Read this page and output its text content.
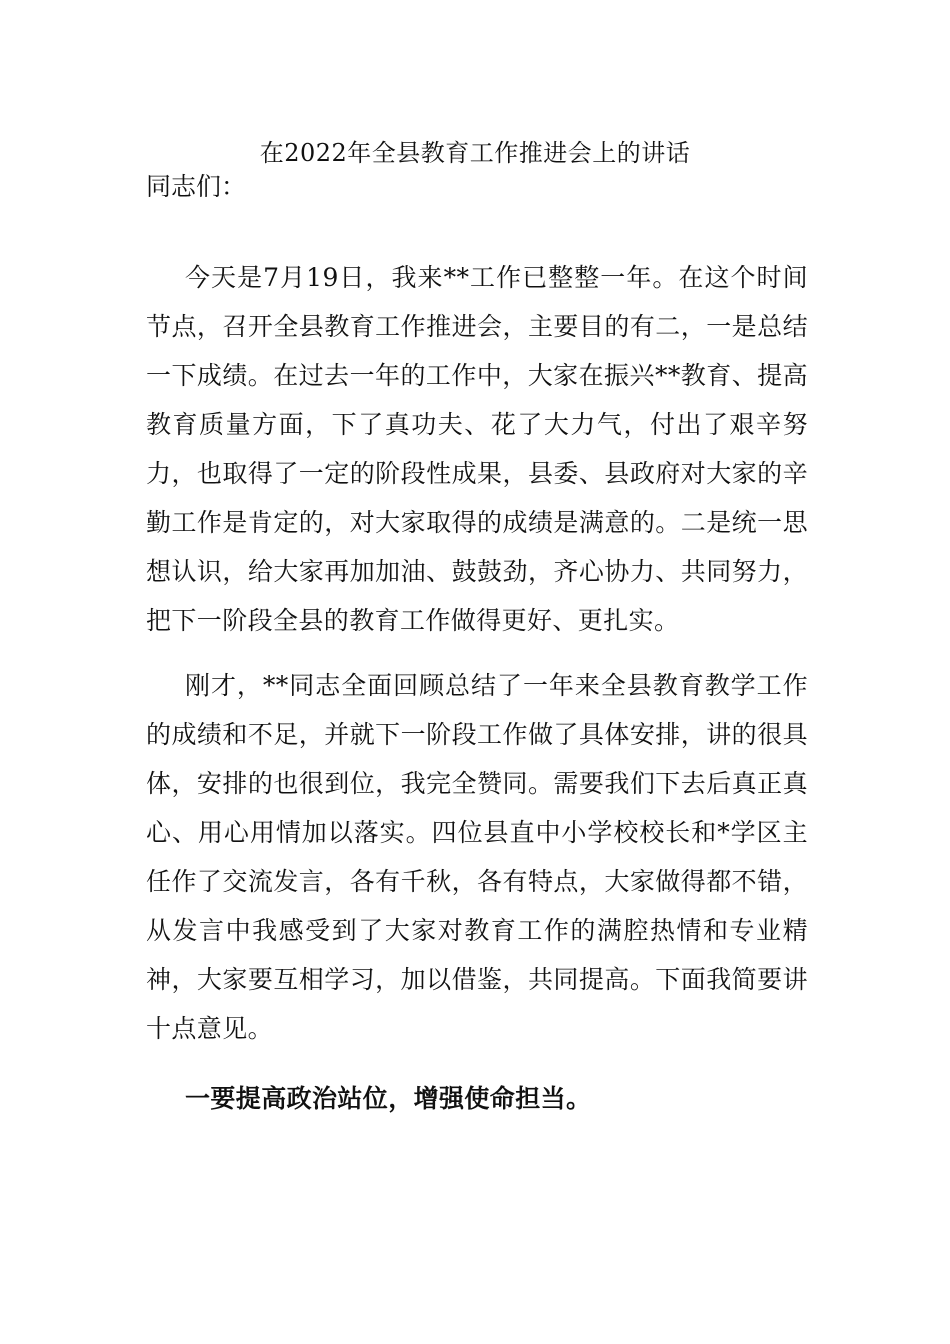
在2022年全县教育工作推进会上的讲话
同志们：

今天是7月19日，我来**工作已整整一年。在这个时间节点，召开全县教育工作推进会，主要目的有二，一是总结一下成绩。在过去一年的工作中，大家在振兴**教育、提高教育质量方面，下了真功夫、花了大力气，付出了艰辛努力，也取得了一定的阶段性成果，县委、县政府对大家的辛勤工作是肯定的，对大家取得的成绩是满意的。二是统一思想认识，给大家再加加油、鼓鼓劲，齐心协力、共同努力，把下一阶段全县的教育工作做得更好、更扎实。

刚才，**同志全面回顾总结了一年来全县教育教学工作的成绩和不足，并就下一阶段工作做了具体安排，讲的很具体，安排的也很到位，我完全赞同。需要我们下去后真正真心、用心用情加以落实。四位县直中小学校校长和*学区主任作了交流发言，各有千秋，各有特点，大家做得都不错，从发言中我感受到了大家对教育工作的满腔热情和专业精神，大家要互相学习，加以借鉴，共同提高。下面我简要讲十点意见。

一要提高政治站位，增强使命担当。
